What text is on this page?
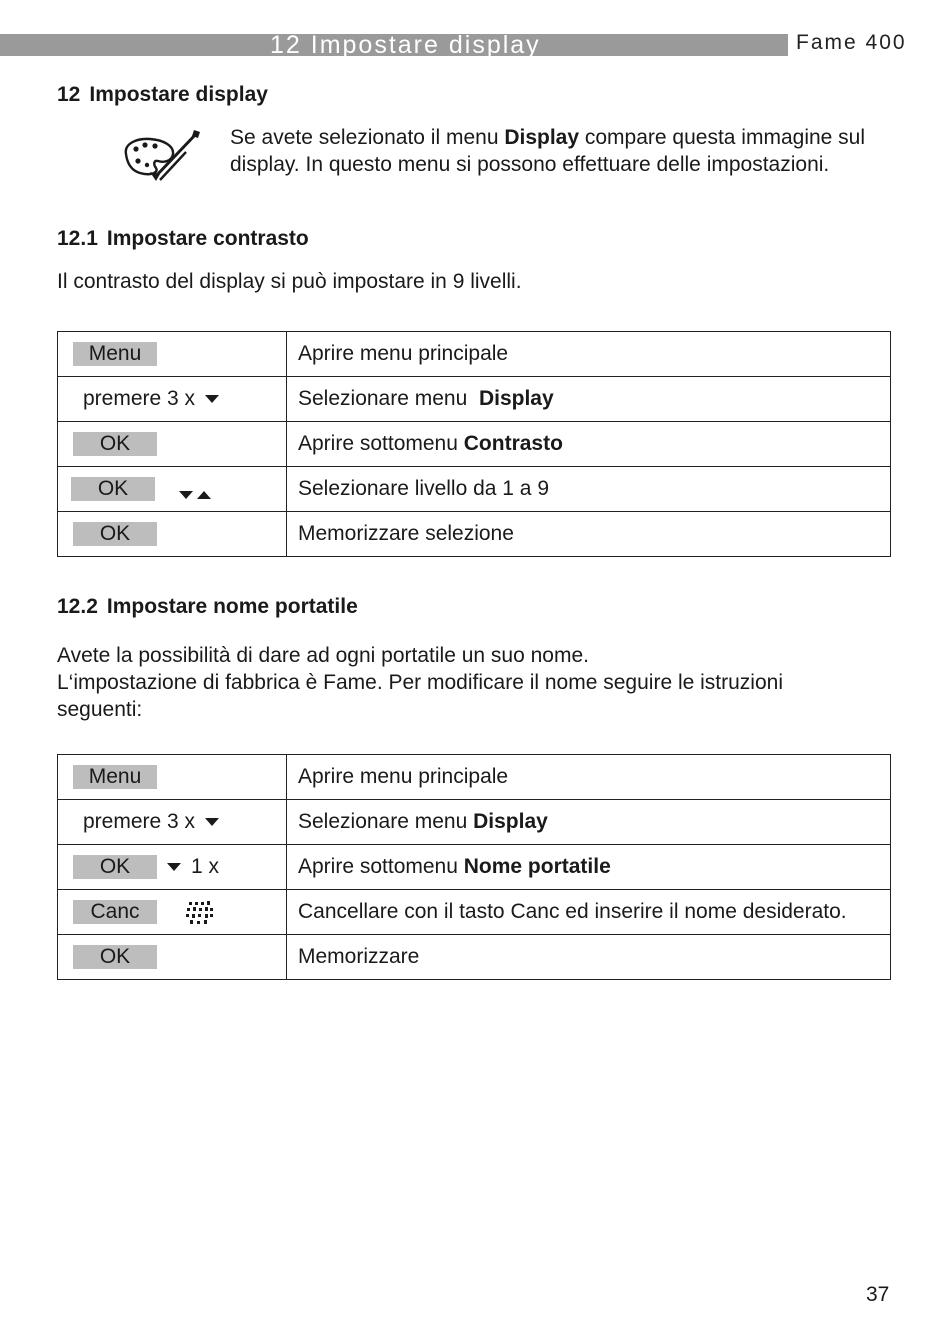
12 Impostare display	Fame 400
12 Impostare display

Se avete selezionato il menu Display compare questa immagine sul display. In questo menu si possono effettuare delle impostazioni.

12.1 Impostare contrasto

Il contrasto del display si può impostare in 9 livelli.

Menu	Aprire menu principale
premere 3 x	Selezionare menu  Display
OK	Aprire sottomenu Contrasto
OK	Selezionare livello da 1 a 9
OK	Memorizzare selezione
12.2 Impostare nome portatile

Avete la possibilità di dare ad ogni portatile un suo nome.
L‘impostazione di fabbrica è Fame. Per modificare il nome seguire le istruzioni seguenti:

Menu	Aprire menu principale
premere 3 x	Selezionare menu Display
OK 1 x	Aprire sottomenu Nome portatile
Canc	Cancellare con il tasto Canc ed inserire il nome desiderato.
OK	Memorizzare
37
